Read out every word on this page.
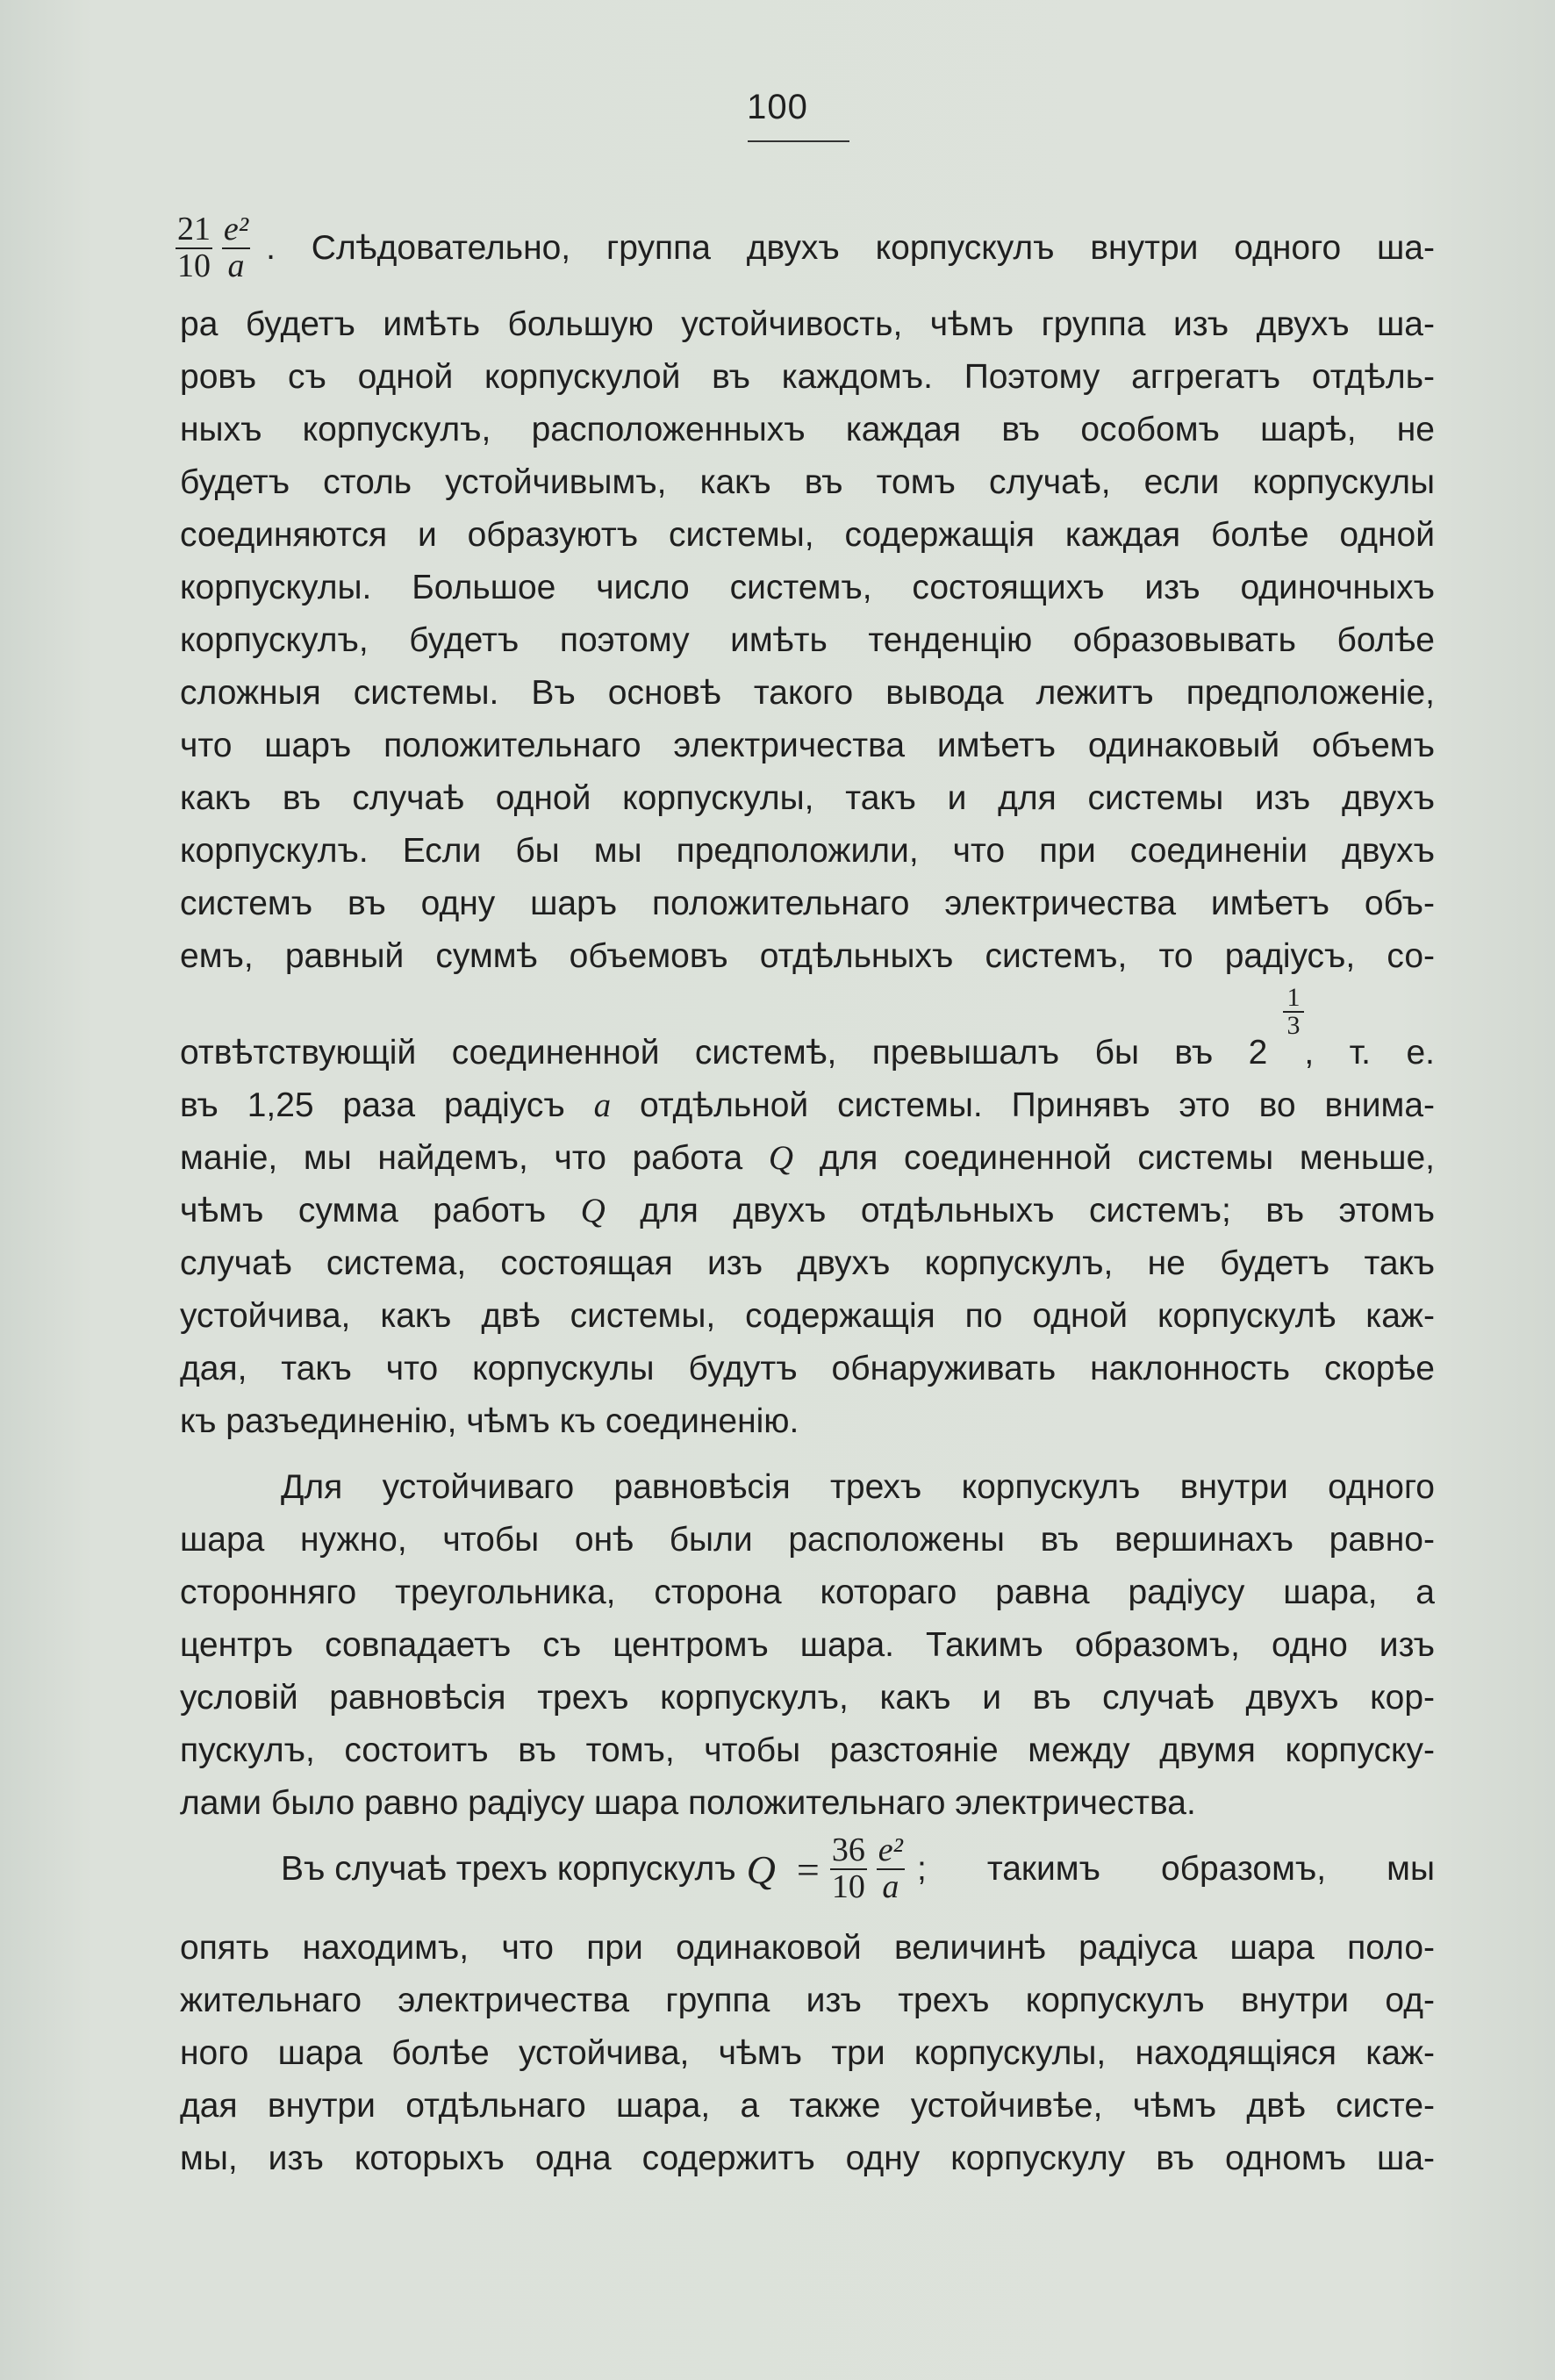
100
$\frac{21}{10}$
$\frac{\text{e²}}{a}$ . Слѣдовательно, группа двухъ корпускулъ внутри одного ша-
ра будетъ имѣть большую устойчивость, чѣмъ группа изъ двухъ ша-
ровъ съ одной корпускулой въ каждомъ. Поэтому аггрегатъ отдѣль-
ныхъ корпускулъ, расположенныхъ каждая въ особомъ шарѣ, не
будетъ столь устойчивымъ, какъ въ томъ случаѣ, если корпускулы
соединяются и образуютъ системы, содержащія каждая болѣе одной
корпускулы. Большое число системъ, состоящихъ изъ одиночныхъ
корпускулъ, будетъ поэтому имѣть тенденцію образовывать болѣе
сложныя системы. Въ основѣ такого вывода лежитъ предположеніе,
что шаръ положительнаго электричества имѣетъ одинаковый объемъ
какъ въ случаѣ одной корпускулы, такъ и для системы изъ двухъ
корпускулъ. Если бы мы предположили, что при соединеніи двухъ
системъ въ одну шаръ положительнаго электричества имѣетъ объ-
емъ, равный суммѣ объемовъ отдѣльныхъ системъ, то радіусъ, со-
отвѣтствующій соединенной системѣ, превышалъ бы въ 2 , т. е.
$\frac{1}{3}$
въ 1,25 раза радіусъ a отдѣльной системы. Принявъ это во внима-
маніе, мы найдемъ, что работа Q для соединенной системы меньше,
чѣмъ сумма работъ Q для двухъ отдѣльныхъ системъ; въ этомъ
случаѣ система, состоящая изъ двухъ корпускулъ, не будетъ такъ
устойчива, какъ двѣ системы, содержащія по одной корпускулѣ каж-
дая, такъ что корпускулы будутъ обнаруживать наклонность скорѣе
къ разъединенію, чѣмъ къ соединенію.
Для устойчиваго равновѣсія трехъ корпускулъ внутри одного
шара нужно, чтобы онѣ были расположены въ вершинахъ равно-
сторонняго треугольника, сторона котораго равна радіусу шара, а
центръ совпадаетъ съ центромъ шара. Такимъ образомъ, одно изъ
условій равновѣсія трехъ корпускулъ, какъ и въ случаѣ двухъ кор-
пускулъ, состоитъ въ томъ, чтобы разстояніе между двумя корпуску-
лами было равно радіусу шара положительнаго электричества.
Въ случаѣ трехъ корпускулъ $Q = \frac{36}{10}$
$\frac{\text{e²}}{a}$ ; такимъ образомъ, мы
опять находимъ, что при одинаковой величинѣ радіуса шара поло-
жительнаго электричества группа изъ трехъ корпускулъ внутри од-
ного шара болѣе устойчива, чѣмъ три корпускулы, находящіяся каж-
дая внутри отдѣльнаго шара, а также устойчивѣе, чѣмъ двѣ систе-
мы, изъ которыхъ одна содержитъ одну корпускулу въ одномъ ша-
